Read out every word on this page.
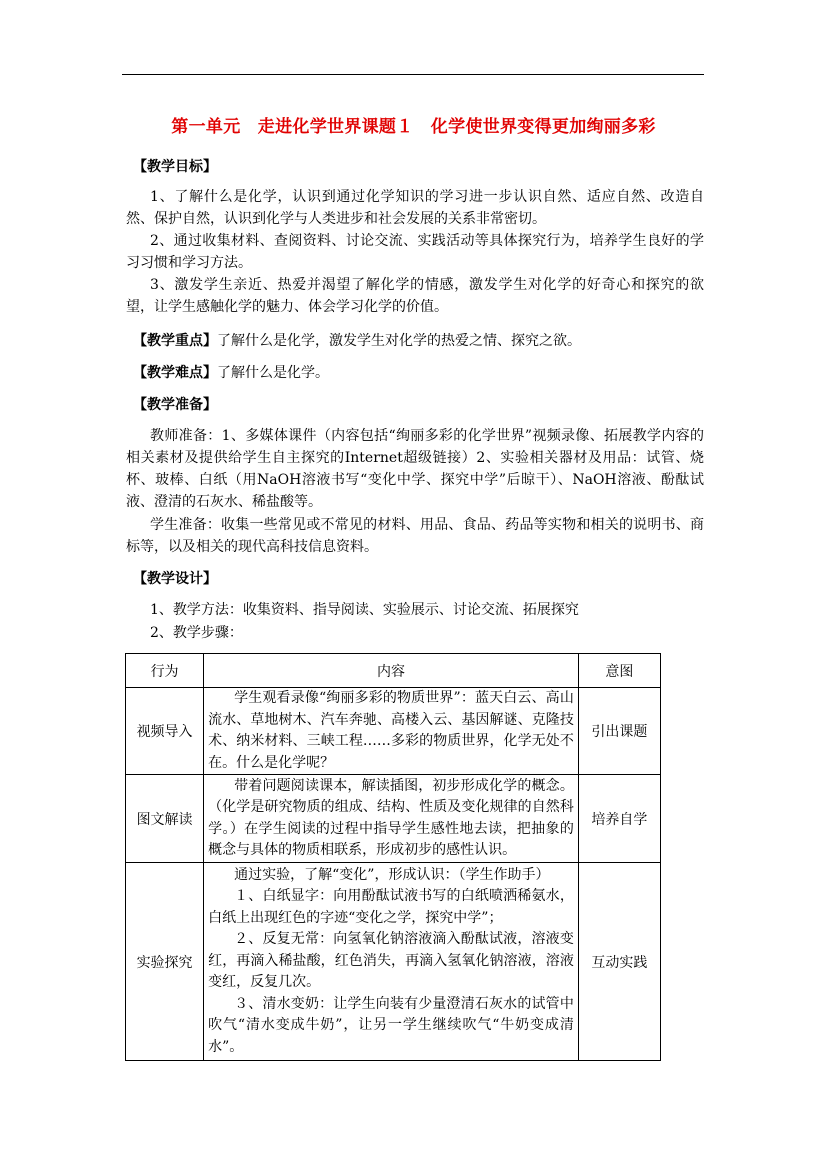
第一单元　走进化学世界课题１　化学使世界变得更加绚丽多彩
【教学目标】
1、了解什么是化学，认识到通过化学知识的学习进一步认识自然、适应自然、改造自然、保护自然，认识到化学与人类进步和社会发展的关系非常密切。
2、通过收集材料、查阅资料、讨论交流、实践活动等具体探究行为，培养学生良好的学习习惯和学习方法。
3、激发学生亲近、热爱并渴望了解化学的情感，激发学生对化学的好奇心和探究的欲望，让学生感触化学的魅力、体会学习化学的价值。
【教学重点】了解什么是化学，激发学生对化学的热爱之情、探究之欲。
【教学难点】了解什么是化学。
【教学准备】
教师准备：1、多媒体课件（内容包括“绚丽多彩的化学世界”视频录像、拓展教学内容的相关素材及提供给学生自主探究的Internet超级链接）2、实验相关器材及用品：试管、烧杯、玻棒、白纸（用NaOH溶液书写“变化中学、探究中学”后晾干）、NaOH溶液、酚酞试液、澄清的石灰水、稀盐酸等。
学生准备：收集一些常见或不常见的材料、用品、食品、药品等实物和相关的说明书、商标等，以及相关的现代高科技信息资料。
【教学设计】
1、教学方法：收集资料、指导阅读、实验展示、讨论交流、拓展探究
2、教学步骤：
行为	内容	意图
视频导入	学生观看录像“绚丽多彩的物质世界”：蓝天白云、高山流水、草地树木、汽车奔驰、高楼入云、基因解谜、克隆技术、纳米材料、三峡工程……多彩的物质世界，化学无处不在。什么是化学呢？	引出课题
图文解读	带着问题阅读课本，解读插图，初步形成化学的概念。（化学是研究物质的组成、结构、性质及变化规律的自然科学。）在学生阅读的过程中指导学生感性地去读，把抽象的概念与具体的物质相联系，形成初步的感性认识。	培养自学
实验探究	通过实验，了解“变化”，形成认识：（学生作助手）

１、白纸显字：向用酚酞试液书写的白纸喷洒稀氨水，白纸上出现红色的字迹“变化之学，探究中学”；

２、反复无常：向氢氧化钠溶液滴入酚酞试液，溶液变红，再滴入稀盐酸，红色消失，再滴入氢氧化钠溶液，溶液变红，反复几次。

３、清水变奶：让学生向装有少量澄清石灰水的试管中吹气“清水变成牛奶”，让另一学生继续吹气“牛奶变成清水”。	互动实践
